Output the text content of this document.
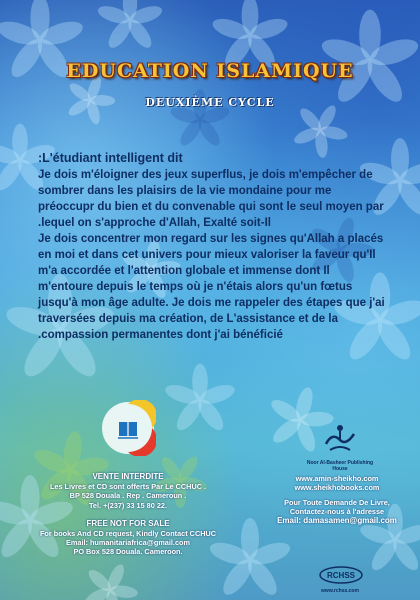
EDUCATION ISLAMIQUE
DEUXIÈME CYCLE
:L'étudiant intelligent dit

Je dois m'éloigner des jeux superflus, je dois m'empêcher de sombrer dans les plaisirs de la vie mondaine pour me préoccupr du bien et du convenable qui sont le seul moyen par .lequel on s'approche d'Allah, Exalté soit-Il

Je dois concentrer mon regard sur les signes qu'Allah a placés en moi et dans cet univers pour mieux valoriser la faveur qu'Il m'a accordée et l'attention globale et immense dont Il m'entoure depuis le temps où je n'étais alors qu'un fœtus jusqu'à mon âge adulte. Je dois me rappeler des étapes que j'ai traversées depuis ma création, de L'assistance et de la .compassion permanentes dont j'ai bénéficié

VENTE INTERDITE
Les Livres et CD sont offerts Par Le CCHUC .
BP 528 Douala . Rep . Cameroun .
Tel. +(237) 33 15 80 22.
FREE NOT FOR SALE
For books And CD request, Kindly Contact CCHUC
Email: humanitariafrica@gmail.com
PO Box 528 Douala. Cameroon.
Noor Al-Basheer Publishing House
www.amin-sheikho.com
www.sheikhobooks.com
Pour Toute Demande De Livre,
Contactez-nous à l'adresse
Email: damasamen@gmail.com
RCHSS
www.rchss.com
